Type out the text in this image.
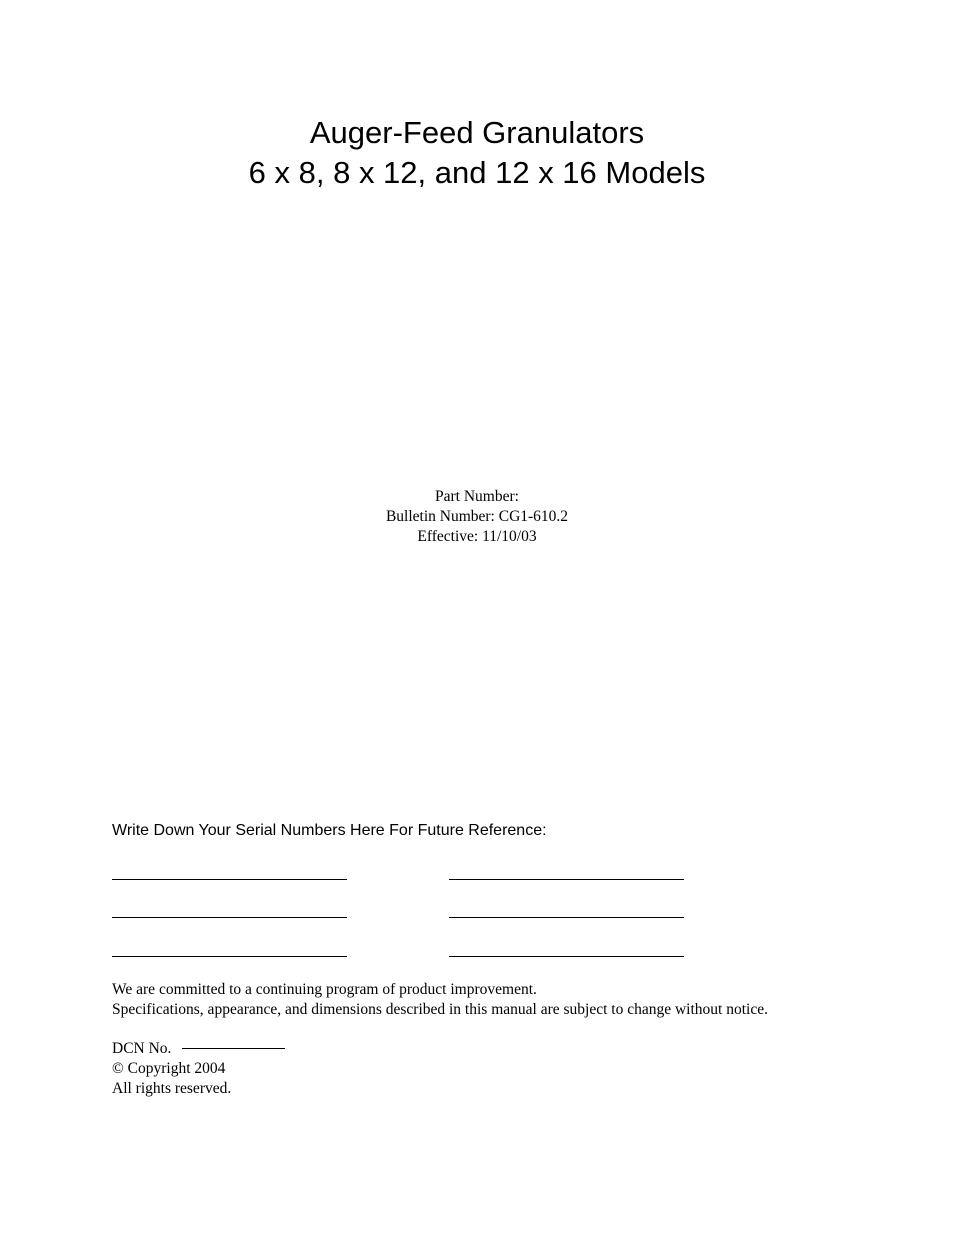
Auger-Feed Granulators
6 x 8, 8 x 12, and 12 x 16 Models
Part Number:
Bulletin Number: CG1-610.2
Effective: 11/10/03
Write Down Your Serial Numbers Here For Future Reference:
We are committed to a continuing program of product improvement.
Specifications, appearance, and dimensions described in this manual are subject to change without notice.
DCN No.
© Copyright 2004
All rights reserved.
